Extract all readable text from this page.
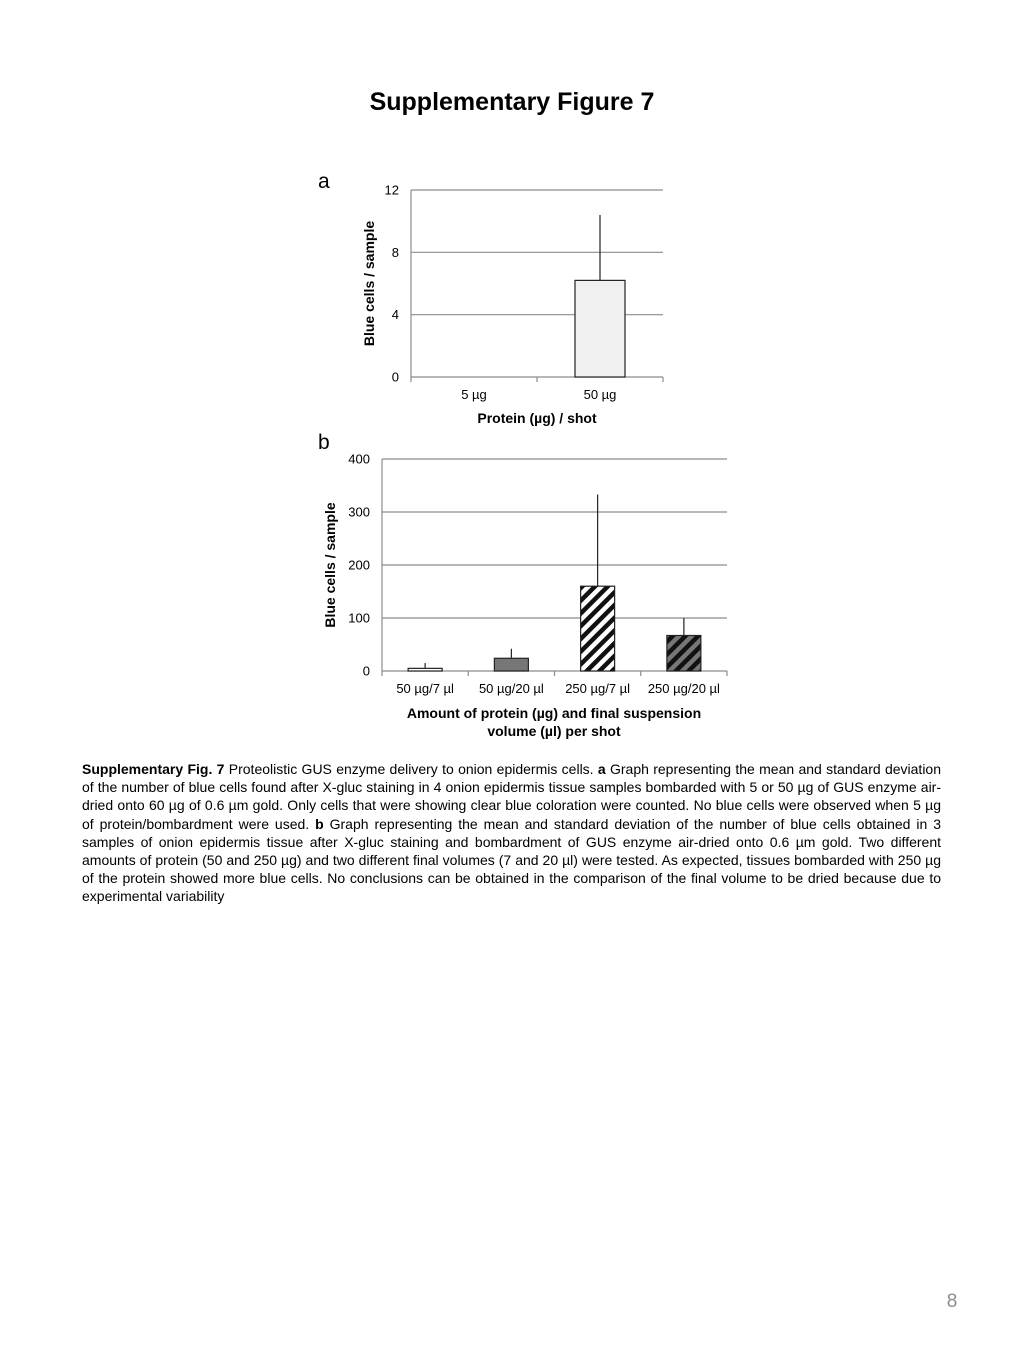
Supplementary Figure 7
a
0
4
8
12
5 µg	50 µg
Blue cells / sample
Protein (µg) / shot
b
0
100
200
300
400
50 µg/7 µl 50 µg/20 µl 250 µg/7 µl 250 µg/20 µl
Blue cells / sample
Amount of protein (µg) and final suspension
volume (µl) per shot

Supplementary Fig. 7 Proteolistic GUS enzyme delivery to onion epidermis cells. a Graph representing the mean and standard deviation of the number of blue cells found after X-gluc staining in 4 onion epidermis tissue samples bombarded with 5 or 50 µg of GUS enzyme air-dried onto 60 µg of 0.6 µm gold. Only cells that were showing clear blue coloration were counted. No blue cells were observed when 5 µg of protein/bombardment were used. b Graph representing the mean and standard deviation of the number of blue cells obtained in 3 samples of onion epidermis tissue after X-gluc staining and bombardment of GUS enzyme air-dried onto 0.6 µm gold. Two different amounts of protein (50 and 250 µg) and two different final volumes (7 and 20 µl) were tested. As expected, tissues bombarded with 250 µg of the protein showed more blue cells. No conclusions can be obtained in the comparison of the final volume to be dried because due to experimental variability

8
